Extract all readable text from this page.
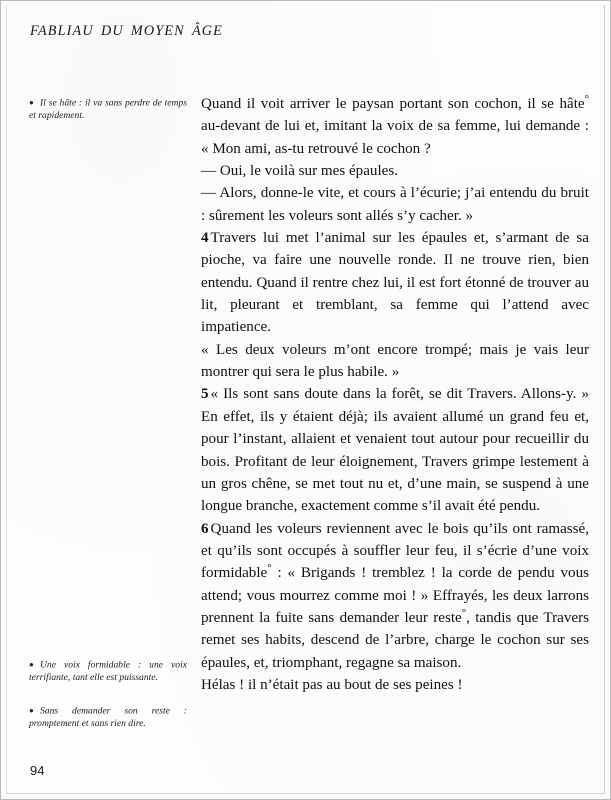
FABLIAU DU MOYEN ÂGE
● Il se hâte : il va sans perdre de temps et rapidement.
● Une voix formidable : une voix terrifiante, tant elle est puissante.
● Sans demander son reste : promptement et sans rien dire.
94
Quand il voit arriver le paysan portant son cochon, il se hâte° au-devant de lui et, imitant la voix de sa femme, lui demande : « Mon ami, as-tu retrouvé le cochon ?
— Oui, le voilà sur mes épaules.
— Alors, donne-le vite, et cours à l’écurie; j’ai entendu du bruit : sûrement les voleurs sont allés s’y cacher. »
4 Travers lui met l’animal sur les épaules et, s’armant de sa pioche, va faire une nouvelle ronde. Il ne trouve rien, bien entendu. Quand il rentre chez lui, il est fort étonné de trouver au lit, pleurant et tremblant, sa femme qui l’attend avec impatience.
« Les deux voleurs m’ont encore trompé; mais je vais leur montrer qui sera le plus habile. »
5 « Ils sont sans doute dans la forêt, se dit Travers. Allons-y. » En effet, ils y étaient déjà; ils avaient allumé un grand feu et, pour l’instant, allaient et venaient tout autour pour recueillir du bois. Profitant de leur éloignement, Travers grimpe lestement à un gros chêne, se met tout nu et, d’une main, se suspend à une longue branche, exactement comme s’il avait été pendu.
6 Quand les voleurs reviennent avec le bois qu’ils ont ramassé, et qu’ils sont occupés à souffler leur feu, il s’écrie d’une voix formidable° : « Brigands ! tremblez ! la corde de pendu vous attend; vous mourrez comme moi ! » Effrayés, les deux larrons prennent la fuite sans demander leur reste°, tandis que Travers remet ses habits, descend de l’arbre, charge le cochon sur ses épaules, et, triomphant, regagne sa maison.
Hélas ! il n’était pas au bout de ses peines !
